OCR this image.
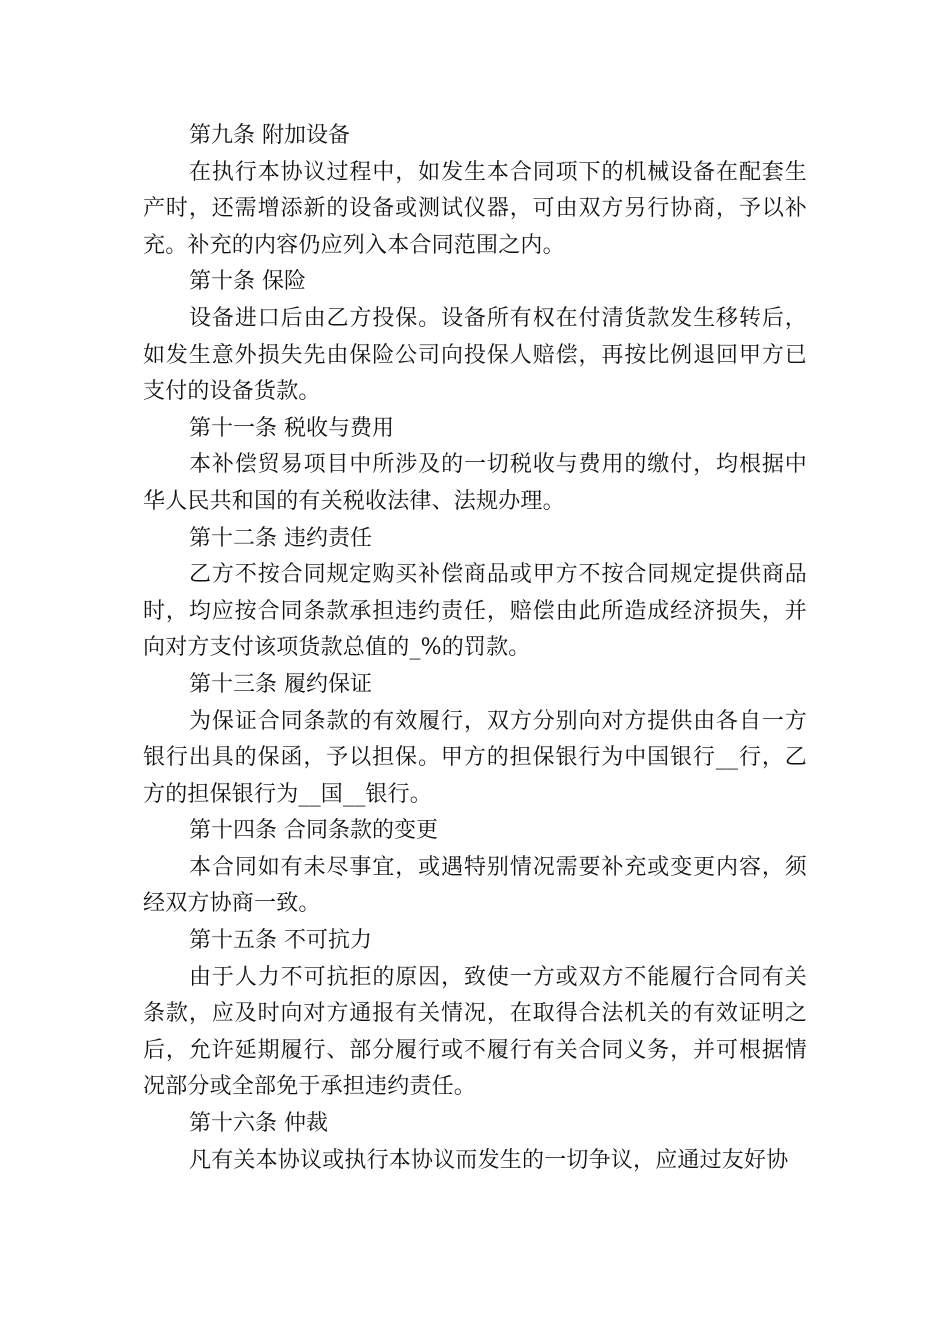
第九条 附加设备

在执行本协议过程中，如发生本合同项下的机械设备在配套生产时，还需增添新的设备或测试仪器，可由双方另行协商，予以补充。补充的内容仍应列入本合同范围之内。

第十条 保险

设备进口后由乙方投保。设备所有权在付清货款发生移转后，如发生意外损失先由保险公司向投保人赔偿，再按比例退回甲方已支付的设备货款。

第十一条 税收与费用

本补偿贸易项目中所涉及的一切税收与费用的缴付，均根据中华人民共和国的有关税收法律、法规办理。

第十二条 违约责任

乙方不按合同规定购买补偿商品或甲方不按合同规定提供商品时，均应按合同条款承担违约责任，赔偿由此所造成经济损失，并向对方支付该项货款总值的_%的罚款。

第十三条 履约保证

为保证合同条款的有效履行，双方分别向对方提供由各自一方银行出具的保函，予以担保。甲方的担保银行为中国银行__行，乙方的担保银行为__国__银行。

第十四条 合同条款的变更

本合同如有未尽事宜，或遇特别情况需要补充或变更内容，须经双方协商一致。

第十五条 不可抗力

由于人力不可抗拒的原因，致使一方或双方不能履行合同有关条款，应及时向对方通报有关情况，在取得合法机关的有效证明之后，允许延期履行、部分履行或不履行有关合同义务，并可根据情况部分或全部免于承担违约责任。

第十六条 仲裁

凡有关本协议或执行本协议而发生的一切争议，应通过友好协
